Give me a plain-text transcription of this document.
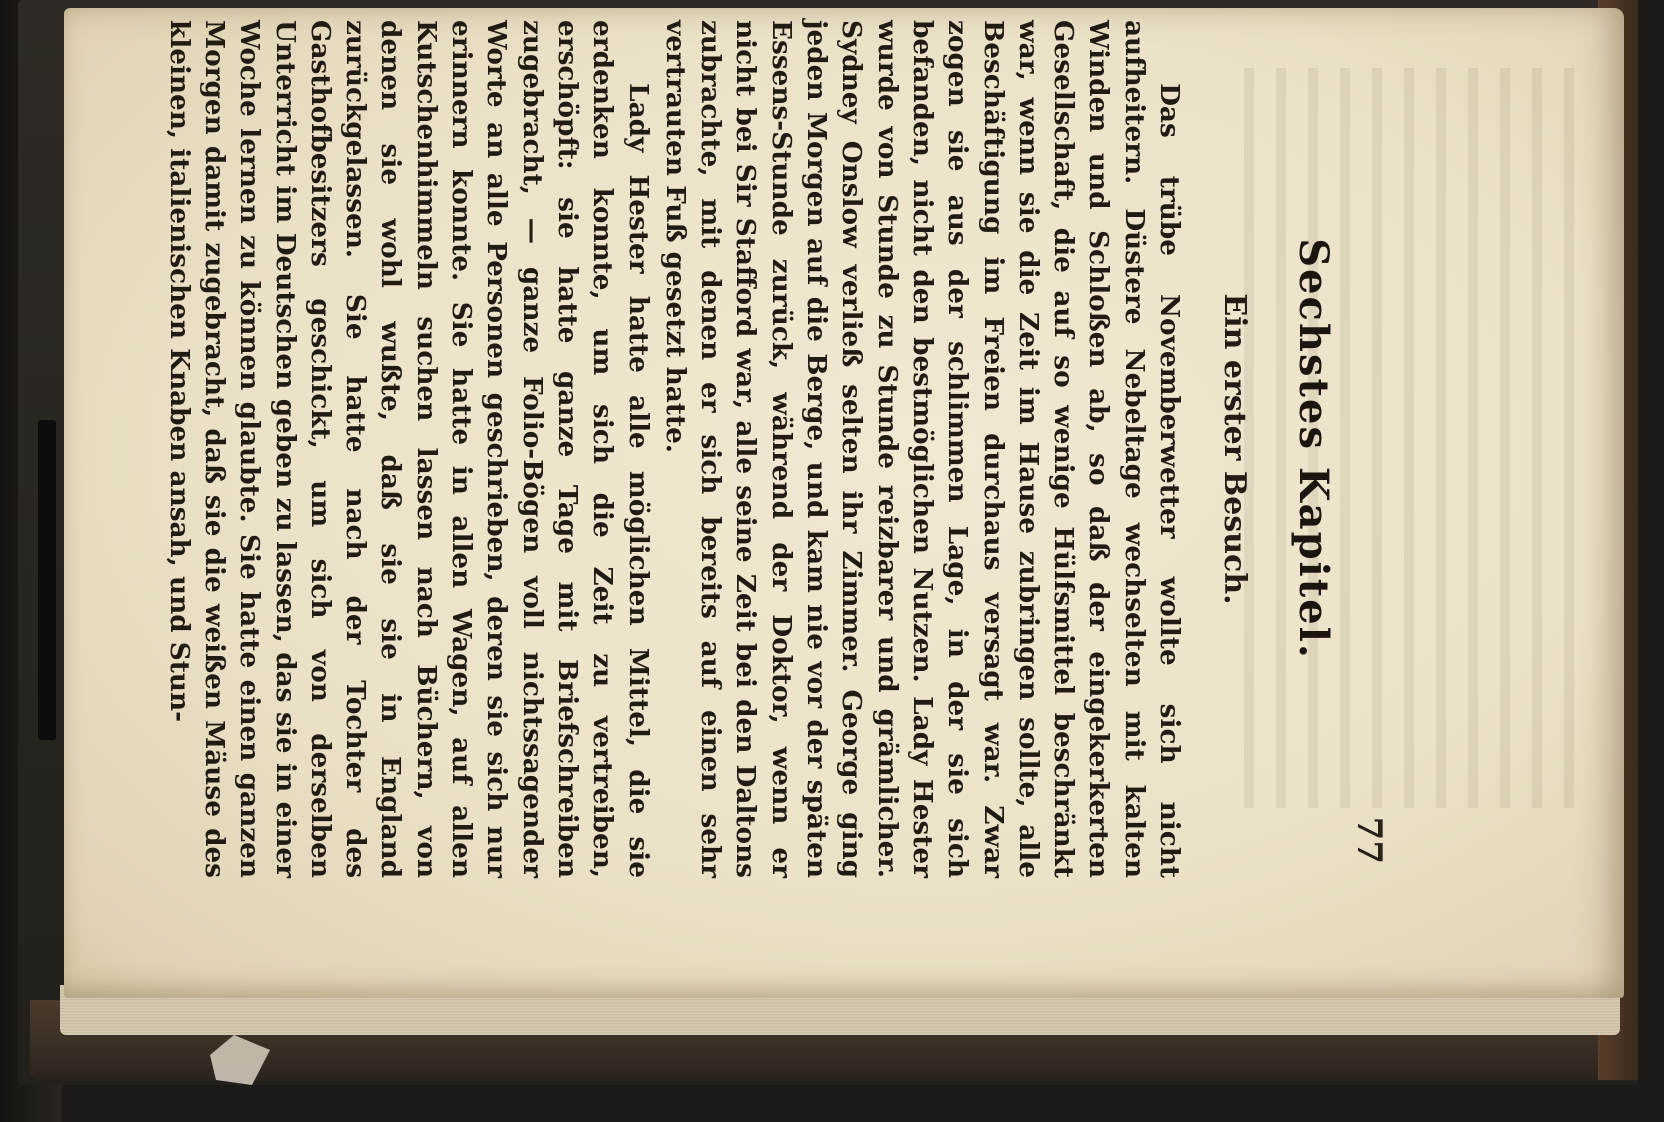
77
Sechstes Kapitel.
Ein erster Besuch.

Das trübe Novemberwetter wollte sich nicht aufheitern. Düstere Nebeltage wechselten mit kalten Winden und Schloßen ab, so daß der eingekerkerten Gesellschaft, die auf so wenige Hülfsmittel beschränkt war, wenn sie die Zeit im Hause zubringen sollte, alle Beschäftigung im Freien durchaus versagt war. Zwar zogen sie aus der schlimmen Lage, in der sie sich befanden, nicht den bestmöglichen Nutzen. Lady Hester wurde von Stunde zu Stunde reizbarer und grämlicher. Sydney Onslow verließ selten ihr Zimmer. George ging jeden Morgen auf die Berge, und kam nie vor der späten Essens-Stunde zurück, während der Doktor, wenn er nicht bei Sir Stafford war, alle seine Zeit bei den Daltons zubrachte, mit denen er sich bereits auf einen sehr vertrauten Fuß gesetzt hatte.

Lady Hester hatte alle möglichen Mittel, die sie erdenken konnte, um sich die Zeit zu vertreiben, erschöpft: sie hatte ganze Tage mit Briefschreiben zugebracht, — ganze Folio-Bögen voll nichtssagender Worte an alle Personen geschrieben, deren sie sich nur erinnern konnte. Sie hatte in allen Wagen, auf allen Kutschenhimmeln suchen lassen nach Büchern, von denen sie wohl wußte, daß sie sie in England zurückgelassen. Sie hatte nach der Tochter des Gasthofbesitzers geschickt, um sich von derselben Unterricht im Deutschen geben zu lassen, das sie in einer Woche lernen zu können glaubte. Sie hatte einen ganzen Morgen damit zugebracht, daß sie die weißen Mäuse des kleinen, italienischen Knaben ansah, und Stun-
